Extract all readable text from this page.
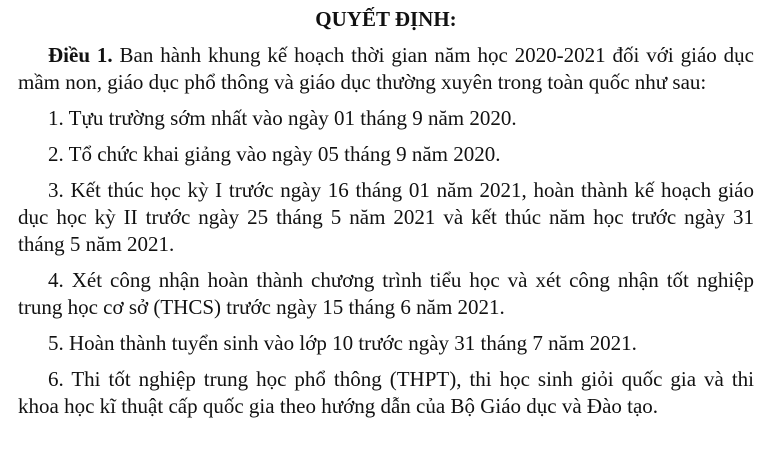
QUYẾT ĐỊNH:

Điều 1. Ban hành khung kế hoạch thời gian năm học 2020-2021 đối với giáo dục mầm non, giáo dục phổ thông và giáo dục thường xuyên trong toàn quốc như sau:

1. Tựu trường sớm nhất vào ngày 01 tháng 9 năm 2020.

2. Tổ chức khai giảng vào ngày 05 tháng 9 năm 2020.

3. Kết thúc học kỳ I trước ngày 16 tháng 01 năm 2021, hoàn thành kế hoạch giáo dục học kỳ II trước ngày 25 tháng 5 năm 2021 và kết thúc năm học trước ngày 31 tháng 5 năm 2021.

4. Xét công nhận hoàn thành chương trình tiểu học và xét công nhận tốt nghiệp trung học cơ sở (THCS) trước ngày 15 tháng 6 năm 2021.

5. Hoàn thành tuyển sinh vào lớp 10 trước ngày 31 tháng 7 năm 2021.

6. Thi tốt nghiệp trung học phổ thông (THPT), thi học sinh giỏi quốc gia và thi khoa học kĩ thuật cấp quốc gia theo hướng dẫn của Bộ Giáo dục và Đào tạo.
